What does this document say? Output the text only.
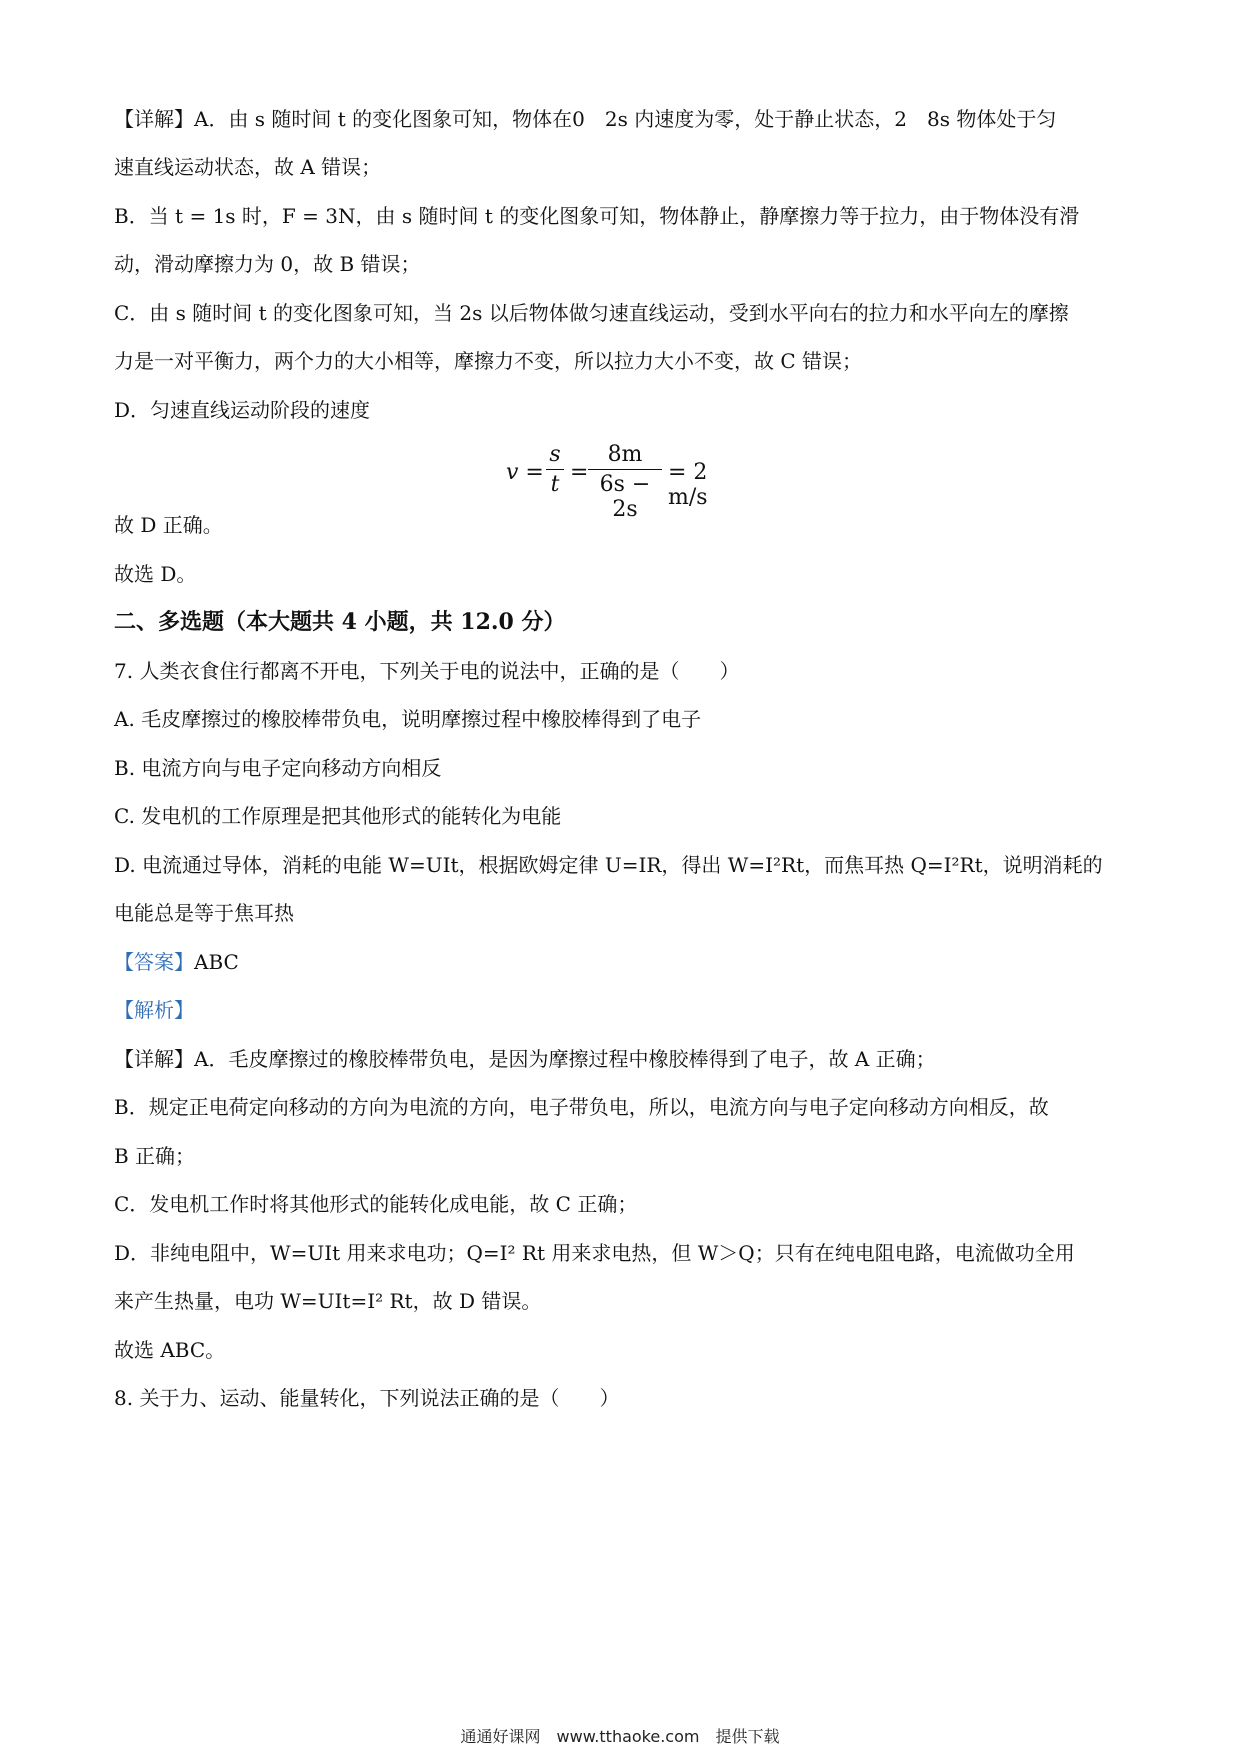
【详解】A．由 s 随时间 t 的变化图象可知，物体在0　2s 内速度为零，处于静止状态，2　8s 物体处于匀
速直线运动状态，故 A 错误；
B．当 t = 1s 时，F = 3N，由 s 随时间 t 的变化图象可知，物体静止，静摩擦力等于拉力，由于物体没有滑
动，滑动摩擦力为 0，故 B 错误；
C．由 s 随时间 t 的变化图象可知，当 2s 以后物体做匀速直线运动，受到水平向右的拉力和水平向左的摩擦
力是一对平衡力，两个力的大小相等，摩擦力不变，所以拉力大小不变，故 C 错误；
D．匀速直线运动阶段的速度
v =
s
t =
8m
6s − 2s
= 2 m/s
故 D 正确。
故选 D。
二、多选题（本大题共 4 小题，共 12.0 分）
7. 人类衣食住行都离不开电，下列关于电的说法中，正确的是（　　）
A. 毛皮摩擦过的橡胶棒带负电，说明摩擦过程中橡胶棒得到了电子
B. 电流方向与电子定向移动方向相反
C. 发电机的工作原理是把其他形式的能转化为电能
D. 电流通过导体，消耗的电能 W=UIt，根据欧姆定律 U=IR，得出 W=I²Rt，而焦耳热 Q=I²Rt，说明消耗的
电能总是等于焦耳热
【答案】ABC
【解析】
【详解】A．毛皮摩擦过的橡胶棒带负电，是因为摩擦过程中橡胶棒得到了电子，故 A 正确；
B．规定正电荷定向移动的方向为电流的方向，电子带负电，所以，电流方向与电子定向移动方向相反，故
B 正确；
C．发电机工作时将其他形式的能转化成电能，故 C 正确；
D．非纯电阻中，W=UIt 用来求电功；Q=I² Rt 用来求电热，但 W＞Q；只有在纯电阻电路，电流做功全用
来产生热量，电功 W=UIt=I² Rt，故 D 错误。
故选 ABC。
8. 关于力、运动、能量转化，下列说法正确的是（　　）
通通好课网　www.tthaoke.com　提供下载
